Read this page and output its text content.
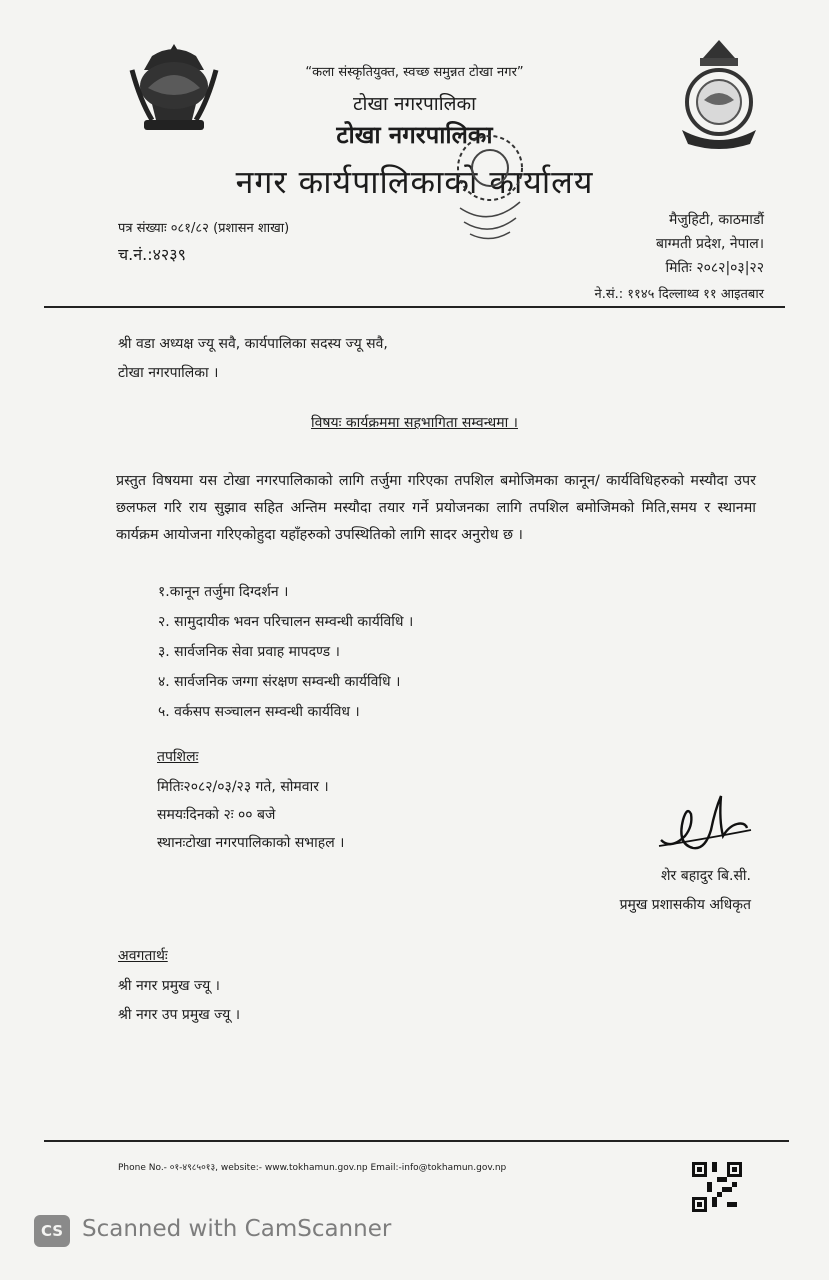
“कला संस्कृतियुक्त, स्वच्छ समुन्नत टोखा नगर”
टोखा नगरपालिका
टोखा नगरपालिका
नगर कार्यपालिकाको कार्यालय
पत्र संख्याः ०८१/८२ (प्रशासन शाखा)
च.नं.:४२३९
मैजुहिटी, काठमाडौं
बाग्मती प्रदेश, नेपाल।
मितिः २०८२|०३|२२
ने.सं.: ११४५ दिल्लाथ्व ११ आइतबार
श्री वडा अध्यक्ष ज्यू सवै, कार्यपालिका सदस्य ज्यू सवै,
टोखा नगरपालिका ।
विषयः कार्यक्रममा सहभागिता सम्वन्धमा ।
प्रस्तुत विषयमा यस टोखा नगरपालिकाको लागि तर्जुमा गरिएका तपशिल बमोजिमका कानून/ कार्यविधिहरुको मस्यौदा उपर छलफल गरि राय सुझाव सहित अन्तिम मस्यौदा तयार गर्ने प्रयोजनका लागि तपशिल बमोजिमको मिति,समय र स्थानमा कार्यक्रम आयोजना गरिएकोहुदा यहाँहरुको उपस्थितिको लागि सादर अनुरोध छ ।
१.कानून तर्जुमा दिग्दर्शन ।
२. सामुदायीक भवन परिचालन सम्वन्धी कार्यविधि ।
३. सार्वजनिक सेवा प्रवाह मापदण्ड ।
४. सार्वजनिक जग्गा संरक्षण सम्वन्धी कार्यविधि ।
५. वर्कसप सञ्चालन सम्वन्धी कार्यविध ।
तपशिलः
मितिः२०८२/०३/२३ गते, सोमवार ।
समयःदिनको २ः ०० बजे
स्थानःटोखा नगरपालिकाको सभाहल ।
शेर बहादुर बि.सी.
प्रमुख प्रशासकीय अधिकृत
अवगतार्थः
श्री नगर प्रमुख ज्यू ।
श्री नगर उप प्रमुख ज्यू ।
Phone No.- ०१-४९८५०१३, website:- www.tokhamun.gov.np Email:-info@tokhamun.gov.np
CS Scanned with CamScanner
